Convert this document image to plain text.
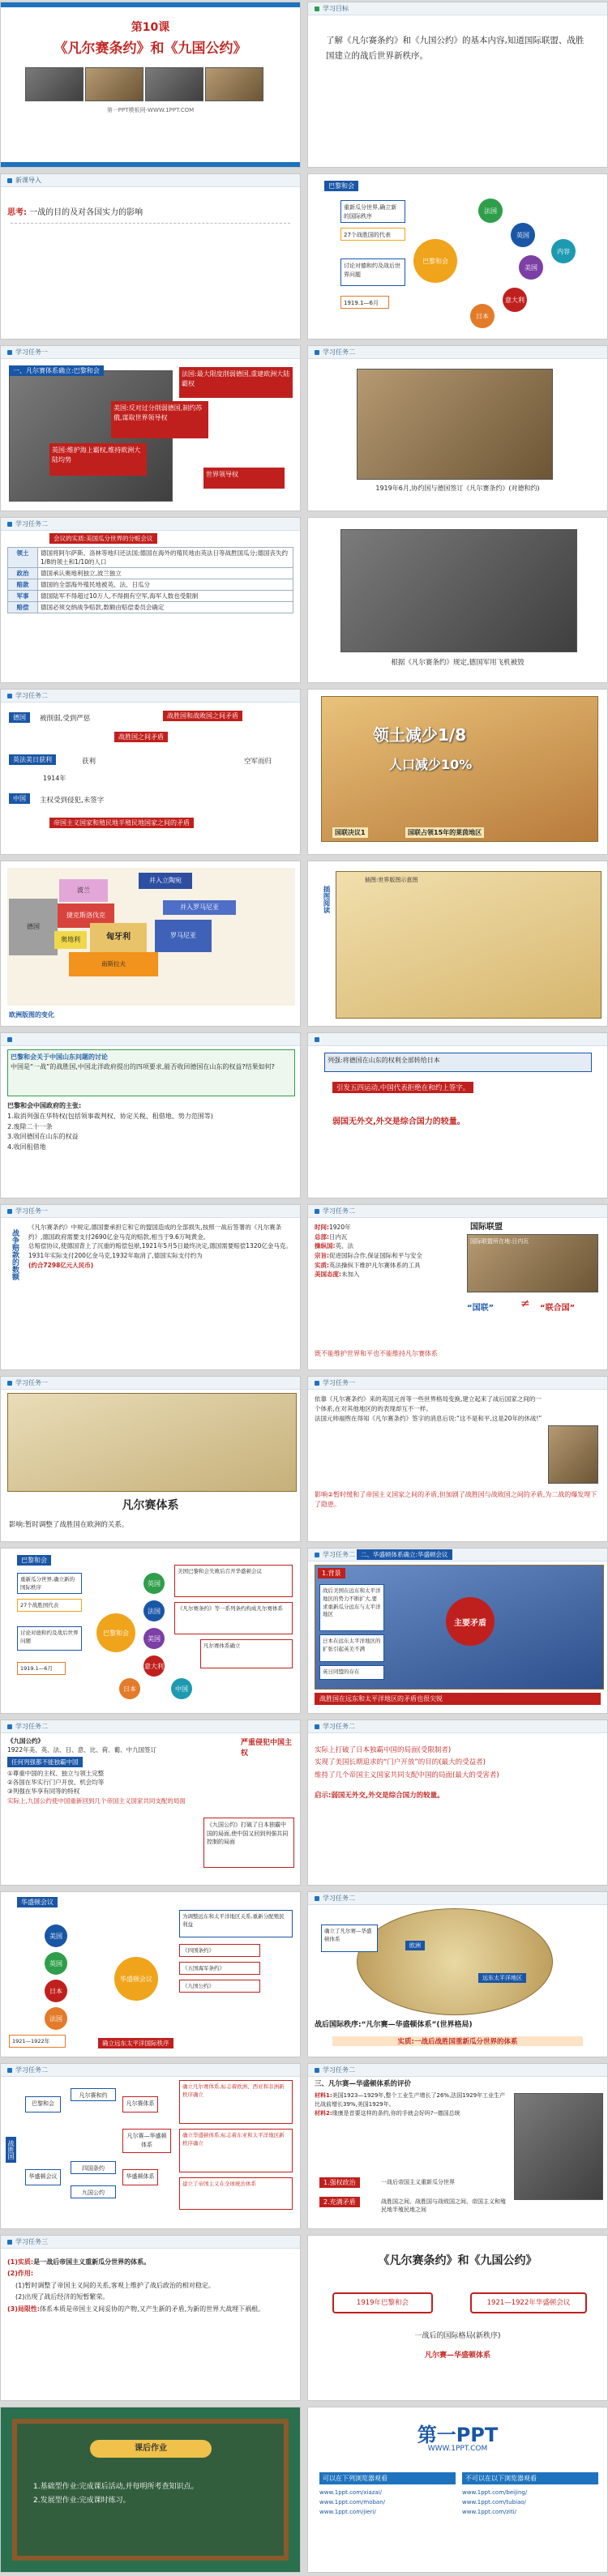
第10课
《凡尔赛条约》和《九国公约》
第一PPT模板网-WWW.1PPT.COM
学习目标
了解《凡尔赛条约》和《九国公约》的基本内容,知道国际联盟、战胜国建立的战后世界新秩序。
新课导入
思考: 一战的目的及对各国实力的影响
巴黎和会
巴黎和会
重新瓜分世界,确立新的国际秩序
27个战胜国的代表
讨论对德和约及战后世界问题
1919.1—6月
法国
英国
美国
意大利
日本
内容
学习任务一
一、凡尔赛体系确立:巴黎和会	法国:最大限度削弱德国,重建欧洲大陆霸权
美国:反对过分削弱德国,制约苏俄,谋取世界领导权
英国:维护海上霸权,维持欧洲大陆均势
世界领导权
学习任务二
1919年6月,协约国与德国签订《凡尔赛条约》(对德和约)
学习任务二
会议的实质:美国瓜分世界的分赃会议
领土	德国将阿尔萨斯、洛林等地归还法国;德国在海外的殖民地由英法日等战胜国瓜分;德国丧失约1/8的领土和1/10的人口
政治	德国承认奥地利独立,波兰独立
赔款	德国的全部海外殖民地被英、法、日瓜分
军事	德国陆军不得超过10万人,不得拥有空军,海军人数也受限制
赔偿	德国必须交纳战争赔款,数额由赔偿委员会确定
根据《凡尔赛条约》规定,德国军用飞机被毁
学习任务二
德国	被削弱,受到严惩	战胜国和战败国之间矛盾
战胜国之间矛盾
英法美日获利	获利	空军而归
1914年
中国	主权受到侵犯,未签字
帝国主义国家和殖民地半殖民地国家之间的矛盾
领土减少1/8
人口减少10%
国联决议1	国联占领15年的莱茵地区
波兰
德国
捷克斯洛伐克
奥地利	匈牙利
南斯拉夫
罗马尼亚
并入立陶宛
并入罗马尼亚
欧洲版图的变化
插图阅读
插图:世界版图示意图
巴黎和会关于中国山东问题的讨论
中国是“一战”的战胜国,中国北洋政府提出的四项要求,能否收回德国在山东的权益?结果如何?
巴黎和会中国政府的主张:
1.取消列强在华特权(包括领事裁判权、协定关税、租借地、势力范围等)
2.废除二十一条
3.收回德国在山东的权益
4.收回租借地
列强:将德国在山东的权利全部转给日本
引发五四运动,中国代表拒绝在和约上签字。
弱国无外交,外交是综合国力的较量。
学习任务一
战争赔款的数额
《凡尔赛条约》中规定,德国要承担它和它的盟国造成的全部损失,按照一战后签署的《凡尔赛条约》,德国政府需要支付2690亿金马克的赔款,相当于9.6万吨黄金。
总赔偿协议,使德国背上了沉重的赔偿包袱,1921年5月5日最终决定,德国需要赔偿1320亿金马克。1931年实际支付200亿金马克,1932年取消了,德国实际支付约为
(约合7298亿元人民币)
学习任务二
国际联盟
时间:1920年
总部:日内瓦
操纵国:英、法
宗旨:促进国际合作,保证国际和平与安全
实质:英法操纵下维护凡尔赛体系的工具
美国态度:未加入
国际联盟所在地:日内瓦
“国联” ≠ “联合国”
既不能维护世界和平也不能维持凡尔赛体系
学习任务一
凡尔赛体系
影响:暂时调整了战胜国在欧洲的关系。
学习任务一
依靠《凡尔赛条约》来的英国元首等一些世界格局变换,建立起来了战后国家之间的一个体系,在对其他地区的的表现却互不一样。
法国元帅福煦在得知《凡尔赛条约》签字的消息后说:“这不是和平,这是20年的休战!”
影响②暂时缓和了帝国主义国家之间的矛盾,但加剧了战胜国与战败国之间的矛盾,为二战的爆发埋下了隐患。
巴黎和会
巴黎和会
重新瓜分世界,确立新的国际秩序
27个战胜国代表
讨论对德和约及战后世界问题
1919.1—6月
英国
法国
美国
意大利
日本	中国
美国巴黎和会失败后召开华盛顿会议
《凡尔赛条约》等一系列条约构成凡尔赛体系
凡尔赛体系确立
学习任务二 二、华盛顿体系确立:华盛顿会议
1.背景
战后美国在远东和太平洋地区的势力不断扩大,要求重新瓜分远东与太平洋地区
日本在远东太平洋地区的扩张引起英美不满
英日同盟的存在
主要矛盾
战胜国在远东和太平洋地区的矛盾也很尖锐
学习任务二
《九国公约》
1922年美、英、法、日、意、比、荷、葡、中九国签订
任何列强都不能独霸中国
①尊重中国的主权、独立与领土完整
②各国在华实行门户开放、机会均等
③列强在华享有同等的特权
实际上,九国公约使中国重新回到几个帝国主义国家共同支配的局面
严重侵犯中国主权
《九国公约》打破了日本独霸中国的局面,使中国又回到列强共同控制的局面
学习任务二
实际上打破了日本独霸中国的局面(受限制者)
实现了美国长期追求的“门户开放”的目的(最大的受益者)
维持了几个帝国主义国家共同支配中国的局面(最大的受害者)
启示:弱国无外交,外交是综合国力的较量。
华盛顿会议
美国
英国
日本
法国
1921—1922年
华盛顿会议
为调整远东和太平洋地区关系,重新分配殖民利益
《四国条约》
《五国海军条约》
《九国公约》
确立远东太平洋国际秩序
学习任务二
确立了凡尔赛—华盛顿体系
欧洲
远东太平洋地区
战后国际秩序:“凡尔赛—华盛顿体系”(世界格局)
实质:一战后战胜国重新瓜分世界的体系
学习任务二
战胜国
巴黎和会
华盛顿会议
凡尔赛体系
华盛顿体系
凡尔赛—华盛顿体系
凡尔赛和约
九国公约
四国条约
确立凡尔赛体系,标志着欧洲、西亚和非洲新秩序确立
确立华盛顿体系,标志着东亚和太平洋地区新秩序确立
建立了帝国主义在全球统治体系
学习任务二
三、凡尔赛—华盛顿体系的评价
材料1:美国1923—1929年,整个工业生产增长了26%,法国1929年工业生产比战前增长39%,美国1929年。
材料2:缘康是首要这样的条约,你的手就会好吗?--德国总统
1.强权政治	一战后帝国主义重新瓜分世界
2.充满矛盾	战胜国之间、战胜国与战败国之间、帝国主义和殖民地半殖民地之间
学习任务三
(1)实质:是一战后帝国主义重新瓜分世界的体系。
(2)作用:
(1)暂时调整了帝国主义间的关系,客观上维护了战后政治的相对稳定。
(2)出现了战后经济的短暂繁荣。
(3)局限性:体系本质是帝国主义间妥协的产物,又产生新的矛盾,为新的世界大战埋下祸根。
《凡尔赛条约》和《九国公约》
1919年巴黎和会	1921—1922年华盛顿会议
一战后的国际格局(新秩序)
凡尔赛—华盛顿体系
课后作业
1.基础型作业:完成课后活动,并每明所考查知识点。
2.发展型作业:完成课时练习。
第一PPT
WWW.1PPT.COM
可以在下列浏览器观看
www.1ppt.com/xiazai/
www.1ppt.com/moban/
www.1ppt.com/jieri/
不可以在以下浏览器观看
www.1ppt.com/beijing/
www.1ppt.com/tubiao/
www.1ppt.com/ziti/
